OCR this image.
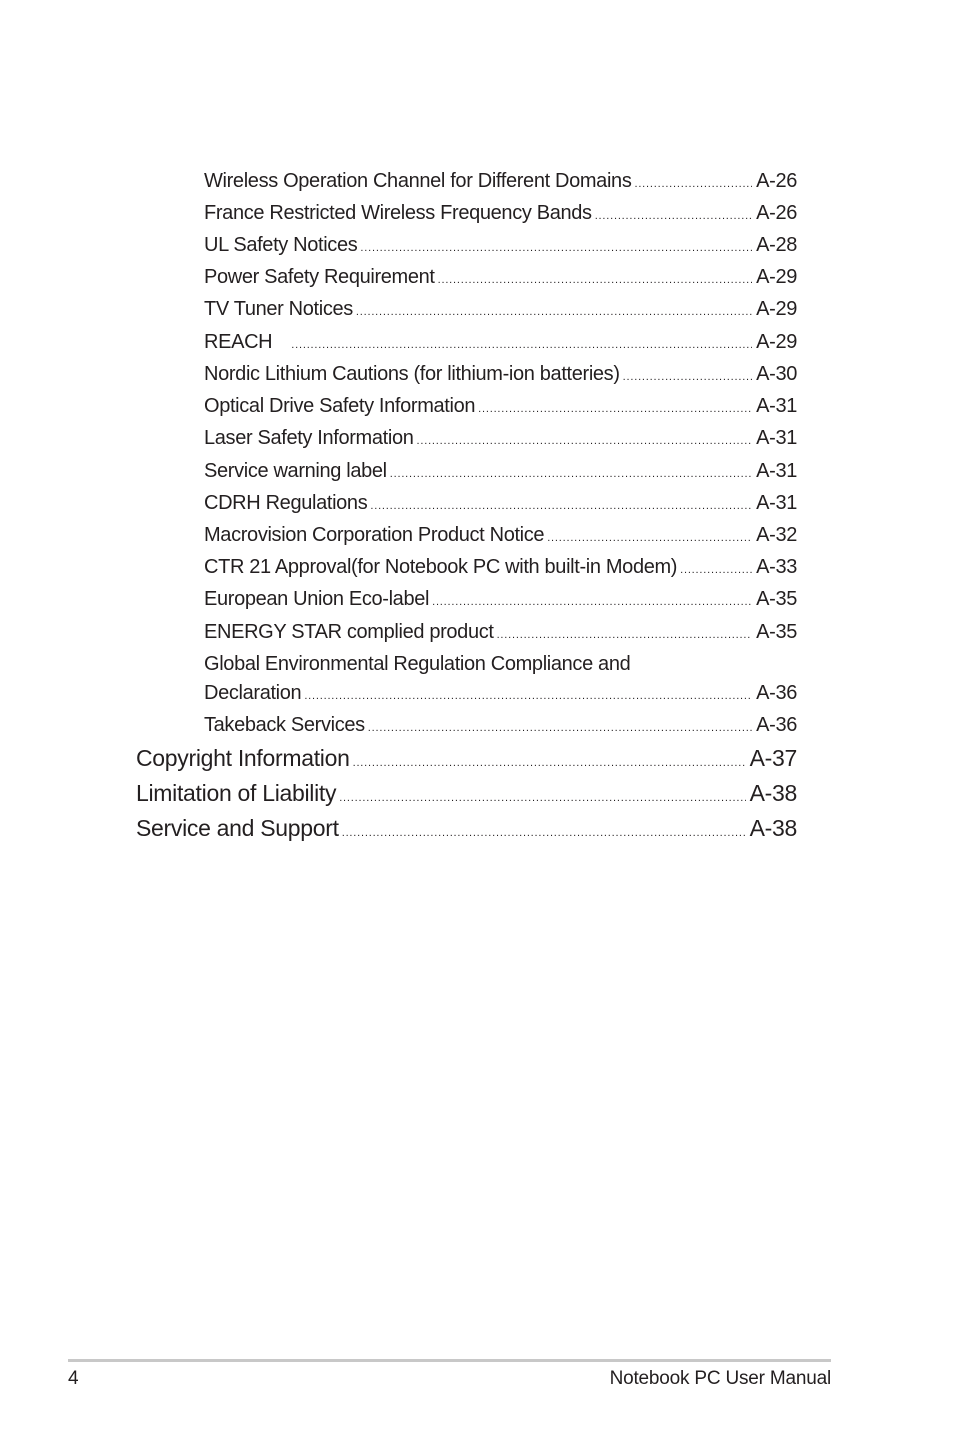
Wireless Operation Channel for Different Domains .....	A-26
France Restricted Wireless Frequency Bands .....	A-26
UL Safety Notices .....	A-28
Power Safety Requirement .....	A-29
TV Tuner Notices .....	A-29
REACH .....	A-29
Nordic Lithium Cautions (for lithium-ion batteries) .....	A-30
Optical Drive Safety Information .....	A-31
Laser Safety Information .....	A-31
Service warning label .....	A-31
CDRH Regulations .....	A-31
Macrovision Corporation Product Notice .....	A-32
CTR 21 Approval(for Notebook PC with built-in Modem) .....	A-33
European Union Eco-label .....	A-35
ENERGY STAR complied product .....	A-35
Global Environmental Regulation Compliance and
Declaration .....	A-36
Takeback Services .....	A-36
Copyright Information .....	A-37
Limitation of Liability .....	A-38
Service and Support .....	A-38
4	Notebook PC User Manual
